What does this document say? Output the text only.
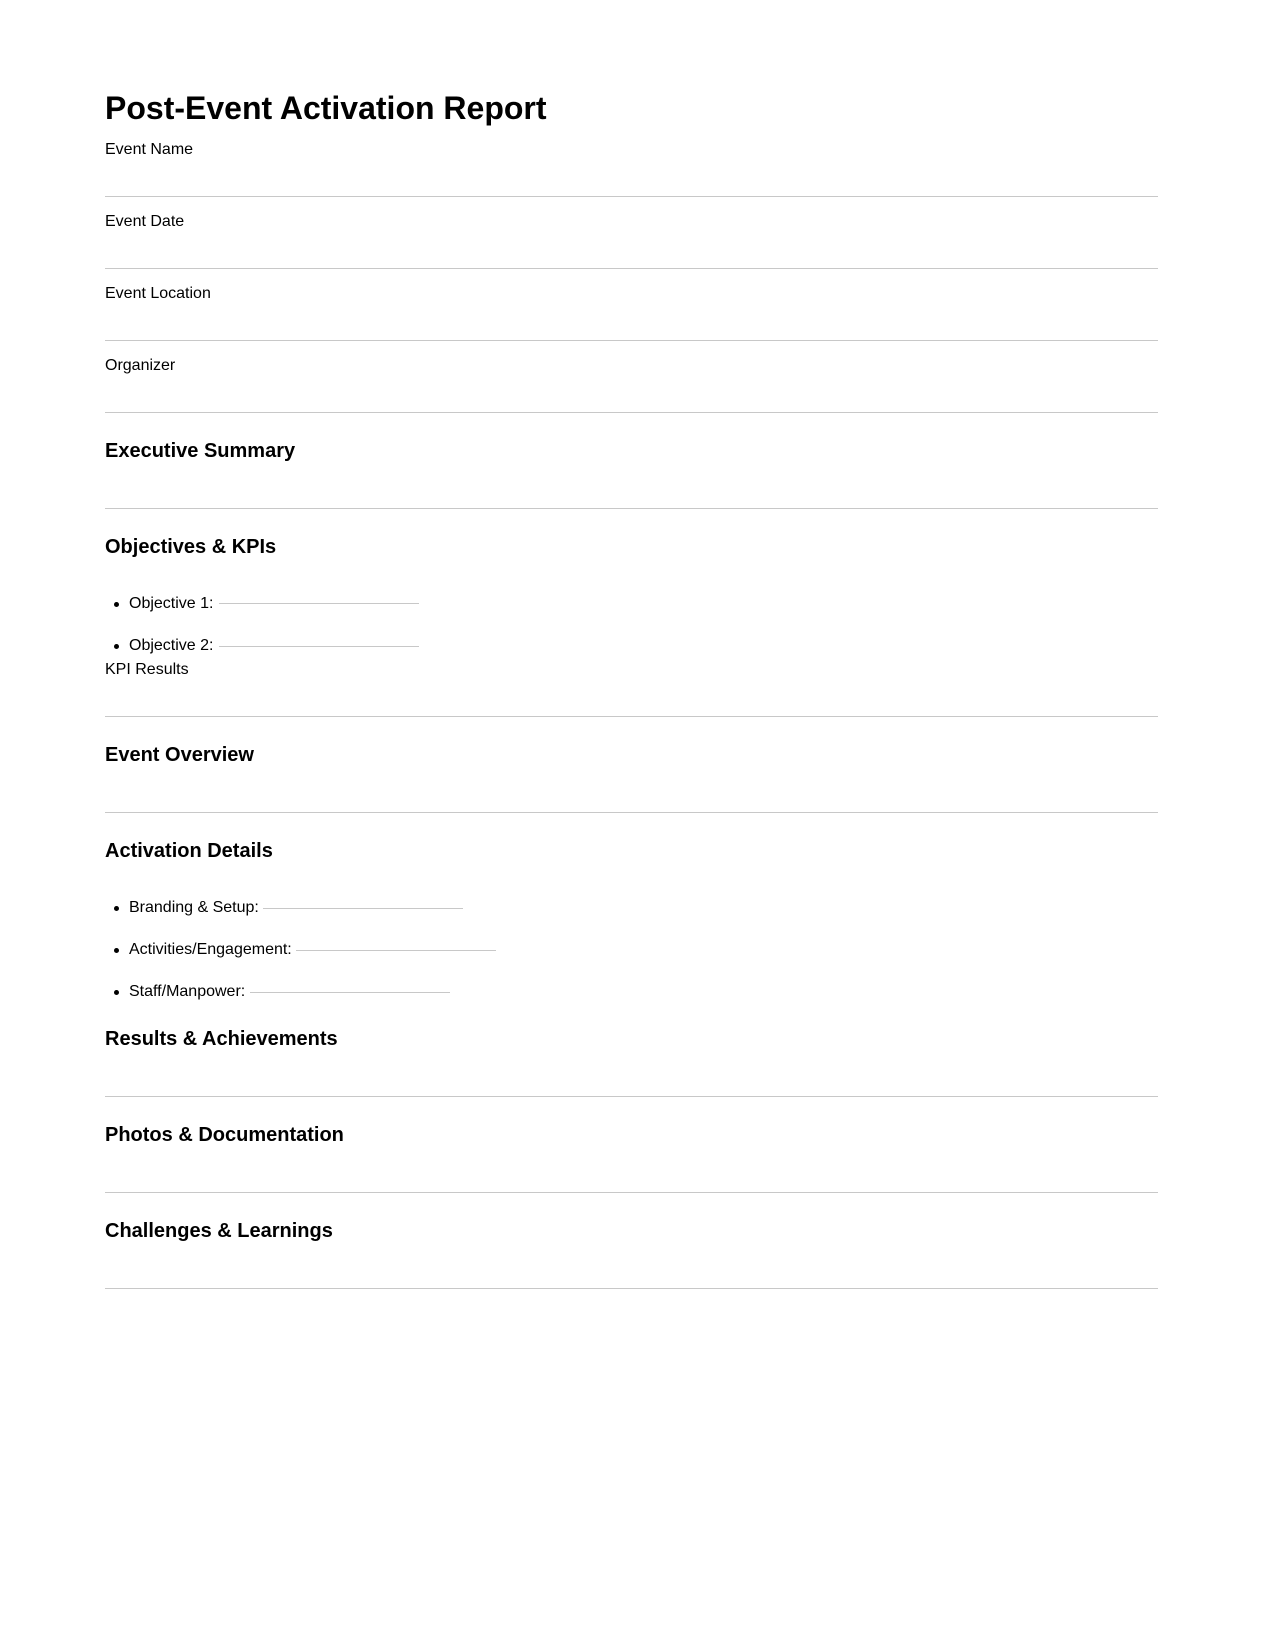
Post-Event Activation Report
Event Name
Event Date
Event Location
Organizer
Executive Summary
Objectives & KPIs
Objective 1:
Objective 2:
KPI Results
Event Overview
Activation Details
Branding & Setup:
Activities/Engagement:
Staff/Manpower:
Results & Achievements
Photos & Documentation
Challenges & Learnings
